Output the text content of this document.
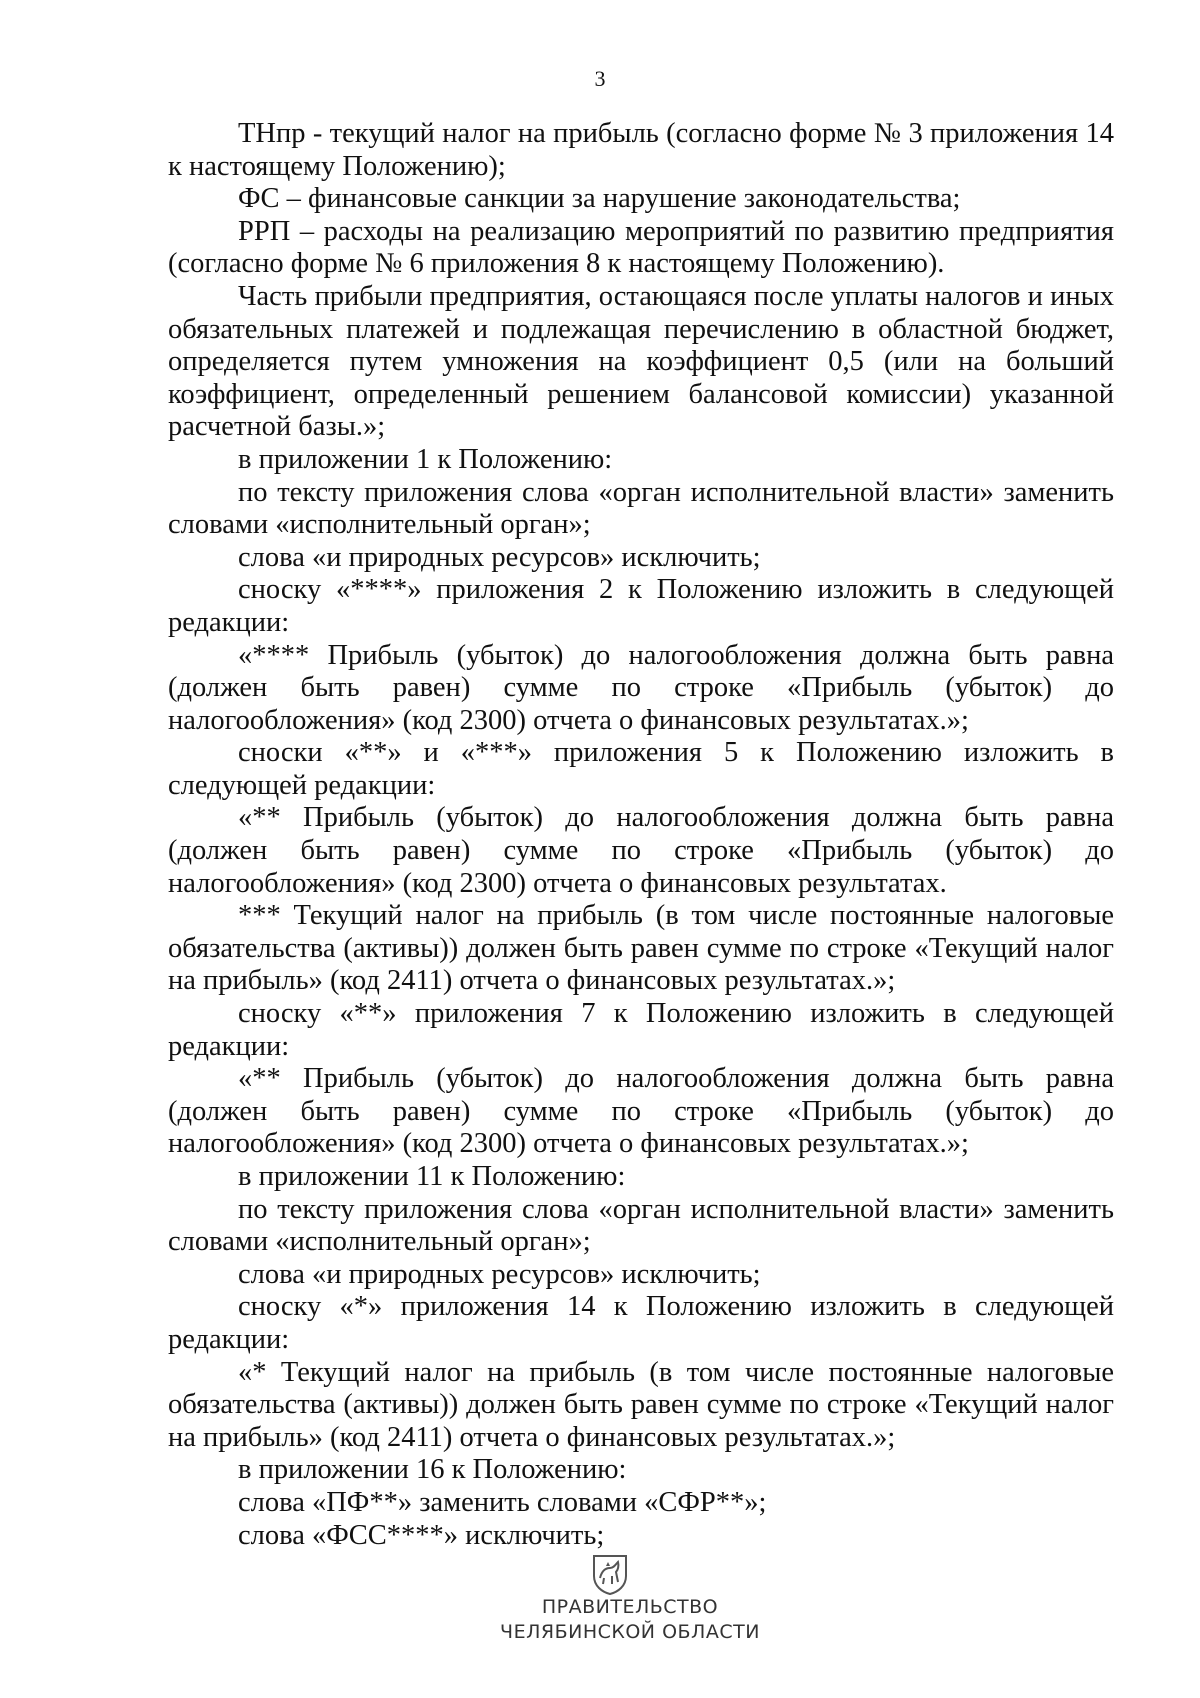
3

ТНпр - текущий налог на прибыль (согласно форме № 3 приложения 14 к настоящему Положению);

ФС – финансовые санкции за нарушение законодательства;

РРП – расходы на реализацию мероприятий по развитию предприятия (согласно форме № 6 приложения 8 к настоящему Положению).

Часть прибыли предприятия, остающаяся после уплаты налогов и иных обязательных платежей и подлежащая перечислению в областной бюджет, определяется путем умножения на коэффициент 0,5 (или на больший коэффициент, определенный решением балансовой комиссии) указанной расчетной базы.»;

в приложении 1 к Положению:

по тексту приложения слова «орган исполнительной власти» заменить словами «исполнительный орган»;

слова «и природных ресурсов» исключить;

сноску «****» приложения 2 к Положению изложить в следующей редакции:

«**** Прибыль (убыток) до налогообложения должна быть равна (должен быть равен) сумме по строке «Прибыль (убыток) до налогообложения» (код 2300) отчета о финансовых результатах.»;

сноски «**» и «***» приложения 5 к Положению изложить в следующей редакции:

«** Прибыль (убыток) до налогообложения должна быть равна (должен быть равен) сумме по строке «Прибыль (убыток) до налогообложения» (код 2300) отчета о финансовых результатах.

*** Текущий налог на прибыль (в том числе постоянные налоговые обязательства (активы)) должен быть равен сумме по строке «Текущий налог на прибыль» (код 2411) отчета о финансовых результатах.»;

сноску «**» приложения 7 к Положению изложить в следующей редакции:

«** Прибыль (убыток) до налогообложения должна быть равна (должен быть равен) сумме по строке «Прибыль (убыток) до налогообложения» (код 2300) отчета о финансовых результатах.»;

в приложении 11 к Положению:

по тексту приложения слова «орган исполнительной власти» заменить словами «исполнительный орган»;

слова «и природных ресурсов» исключить;

сноску «*» приложения 14 к Положению изложить в следующей редакции:

«* Текущий налог на прибыль (в том числе постоянные налоговые обязательства (активы)) должен быть равен сумме по строке «Текущий налог на прибыль» (код 2411) отчета о финансовых результатах.»;

в приложении 16 к Положению:

слова «ПФ**» заменить словами «СФР**»;

слова «ФСС****» исключить;

ПРАВИТЕЛЬСТВО
ЧЕЛЯБИНСКОЙ ОБЛАСТИ
